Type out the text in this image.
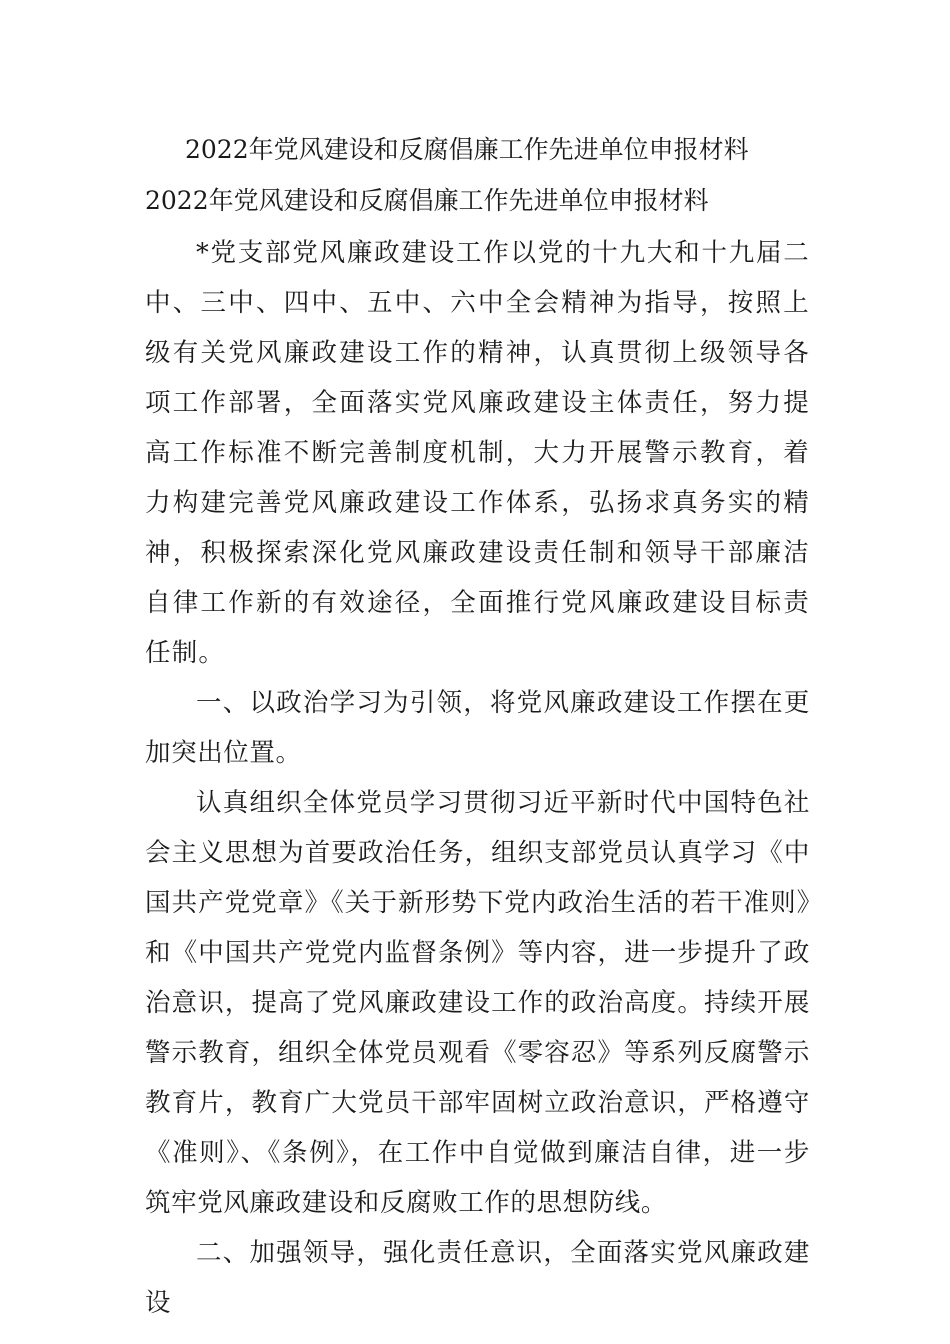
2022年党风建设和反腐倡廉工作先进单位申报材料
2022年党风建设和反腐倡廉工作先进单位申报材料

*党支部党风廉政建设工作以党的十九大和十九届二中、三中、四中、五中、六中全会精神为指导，按照上级有关党风廉政建设工作的精神，认真贯彻上级领导各项工作部署，全面落实党风廉政建设主体责任，努力提高工作标准不断完善制度机制，大力开展警示教育，着力构建完善党风廉政建设工作体系，弘扬求真务实的精神，积极探索深化党风廉政建设责任制和领导干部廉洁自律工作新的有效途径，全面推行党风廉政建设目标责任制。

一、以政治学习为引领，将党风廉政建设工作摆在更加突出位置。

认真组织全体党员学习贯彻习近平新时代中国特色社会主义思想为首要政治任务，组织支部党员认真学习《中国共产党党章》《关于新形势下党内政治生活的若干准则》和《中国共产党党内监督条例》等内容，进一步提升了政治意识，提高了党风廉政建设工作的政治高度。持续开展警示教育，组织全体党员观看《零容忍》等系列反腐警示教育片，教育广大党员干部牢固树立政治意识，严格遵守《准则》、《条例》，在工作中自觉做到廉洁自律，进一步筑牢党风廉政建设和反腐败工作的思想防线。

二、加强领导，强化责任意识，全面落实党风廉政建设
